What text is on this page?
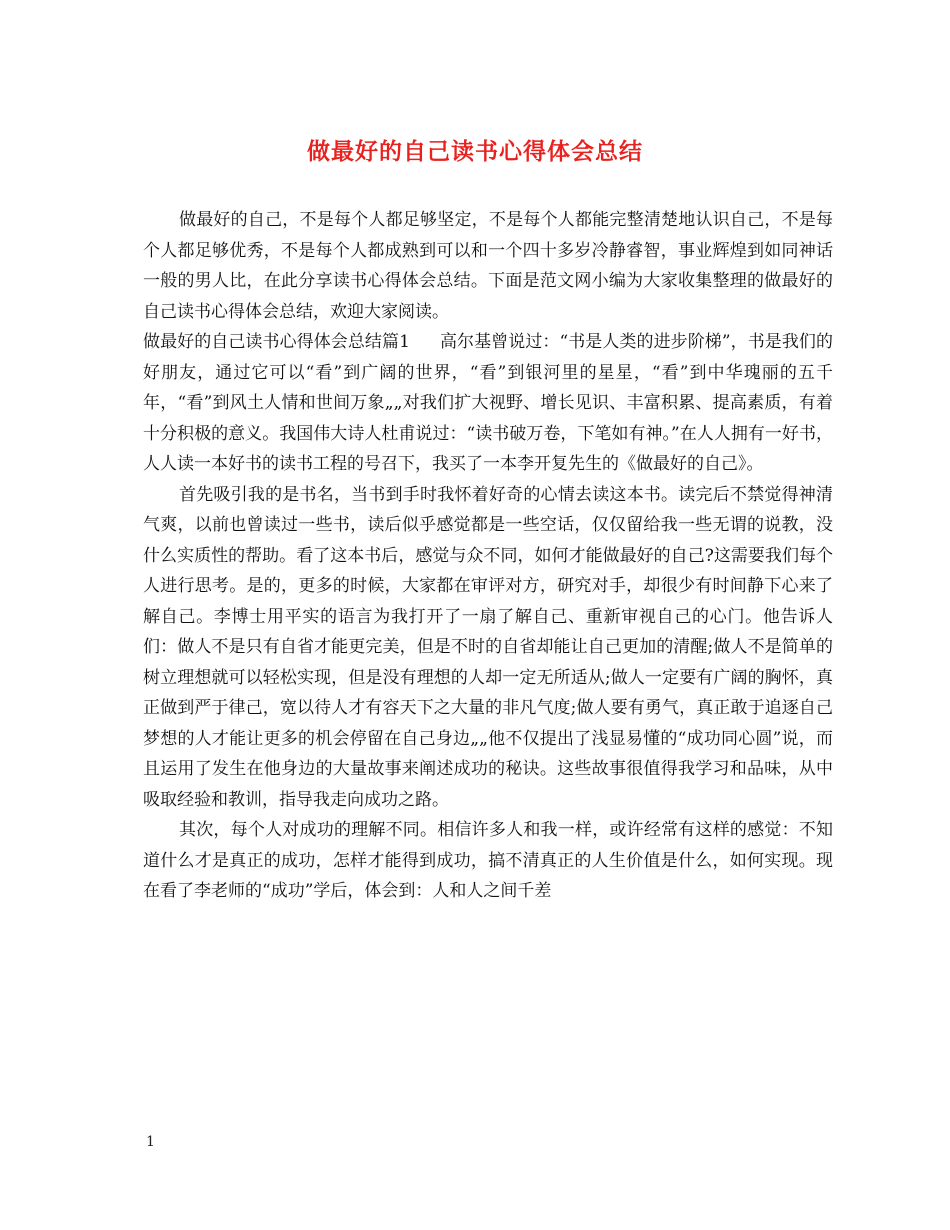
做最好的自己读书心得体会总结

做最好的自己，不是每个人都足够坚定，不是每个人都能完整清楚地认识自己，不是每个人都足够优秀，不是每个人都成熟到可以和一个四十多岁冷静睿智，事业辉煌到如同神话一般的男人比，在此分享读书心得体会总结。下面是范文网小编为大家收集整理的做最好的自己读书心得体会总结，欢迎大家阅读。

做最好的自己读书心得体会总结篇1 高尔基曾说过：“书是人类的进步阶梯”，书是我们的好朋友，通过它可以“看”到广阔的世界，“看”到银河里的星星，“看”到中华瑰丽的五千年，“看”到风土人情和世间万象„„对我们扩大视野、增长见识、丰富积累、提高素质，有着十分积极的意义。我国伟大诗人杜甫说过：“读书破万卷，下笔如有神。”在人人拥有一好书，人人读一本好书的读书工程的号召下，我买了一本李开复先生的《做最好的自己》。

首先吸引我的是书名，当书到手时我怀着好奇的心情去读这本书。读完后不禁觉得神清气爽，以前也曾读过一些书，读后似乎感觉都是一些空话，仅仅留给我一些无谓的说教，没什么实质性的帮助。看了这本书后，感觉与众不同，如何才能做最好的自己?这需要我们每个人进行思考。是的，更多的时候，大家都在审评对方，研究对手，却很少有时间静下心来了解自己。李博士用平实的语言为我打开了一扇了解自己、重新审视自己的心门。他告诉人们：做人不是只有自省才能更完美，但是不时的自省却能让自己更加的清醒;做人不是简单的树立理想就可以轻松实现，但是没有理想的人却一定无所适从;做人一定要有广阔的胸怀，真正做到严于律己，宽以待人才有容天下之大量的非凡气度;做人要有勇气，真正敢于追逐自己梦想的人才能让更多的机会停留在自己身边„„他不仅提出了浅显易懂的“成功同心圆”说，而且运用了发生在他身边的大量故事来阐述成功的秘诀。这些故事很值得我学习和品味，从中吸取经验和教训，指导我走向成功之路。

其次，每个人对成功的理解不同。相信许多人和我一样，或许经常有这样的感觉：不知道什么才是真正的成功，怎样才能得到成功，搞不清真正的人生价值是什么，如何实现。现在看了李老师的“成功”学后，体会到：人和人之间千差

1
